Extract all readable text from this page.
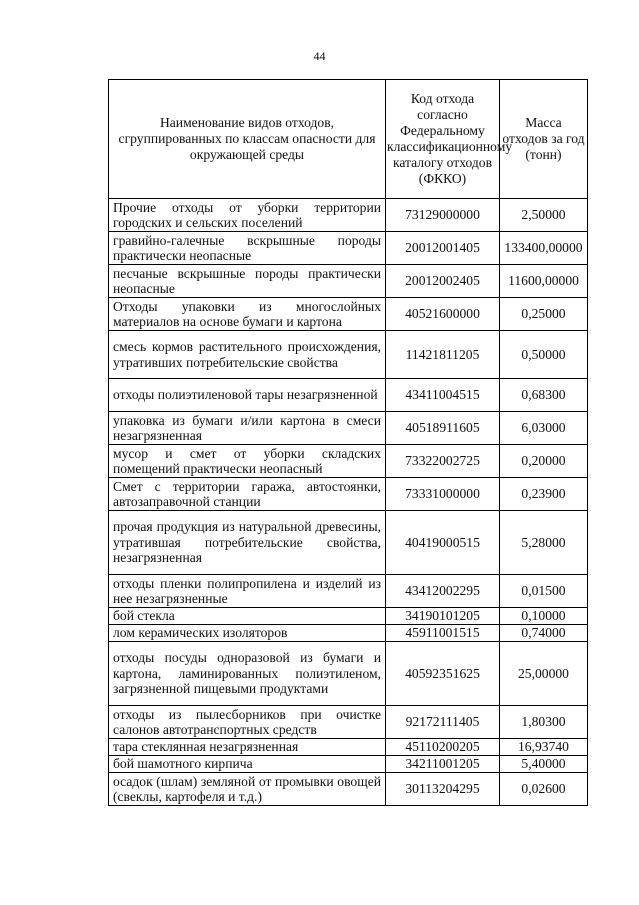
44
Наименование видов отходов, сгруппированных по классам опасности для окружающей среды	Код отхода согласно Федеральному классификационному каталогу отходов (ФККО)	Масса отходов за год (тонн)
Прочие отходы от уборки территории городских и сельских поселений	73129000000	2,50000
гравийно-галечные вскрышные породы практически неопасные	20012001405	133400,00000
песчаные вскрышные породы практически неопасные	20012002405	11600,00000
Отходы упаковки из многослойных материалов на основе бумаги и картона	40521600000	0,25000
смесь кормов растительного происхождения, утративших потребительские свойства	11421811205	0,50000
отходы полиэтиленовой тары незагрязненной	43411004515	0,68300
упаковка из бумаги и/или картона в смеси незагрязненная	40518911605	6,03000
мусор и смет от уборки складских помещений практически неопасный	73322002725	0,20000
Смет с территории гаража, автостоянки, автозаправочной станции	73331000000	0,23900
прочая продукция из натуральной древесины, утратившая потребительские свойства, незагрязненная	40419000515	5,28000
отходы пленки полипропилена и изделий из нее незагрязненные	43412002295	0,01500
бой стекла	34190101205	0,10000
лом керамических изоляторов	45911001515	0,74000
отходы посуды одноразовой из бумаги и картона, ламинированных полиэтиленом, загрязненной пищевыми продуктами	40592351625	25,00000
отходы из пылесборников при очистке салонов автотранспортных средств	92172111405	1,80300
тара стеклянная незагрязненная	45110200205	16,93740
бой шамотного кирпича	34211001205	5,40000
осадок (шлам) земляной от промывки овощей (свеклы, картофеля и т.д.)	30113204295	0,02600
